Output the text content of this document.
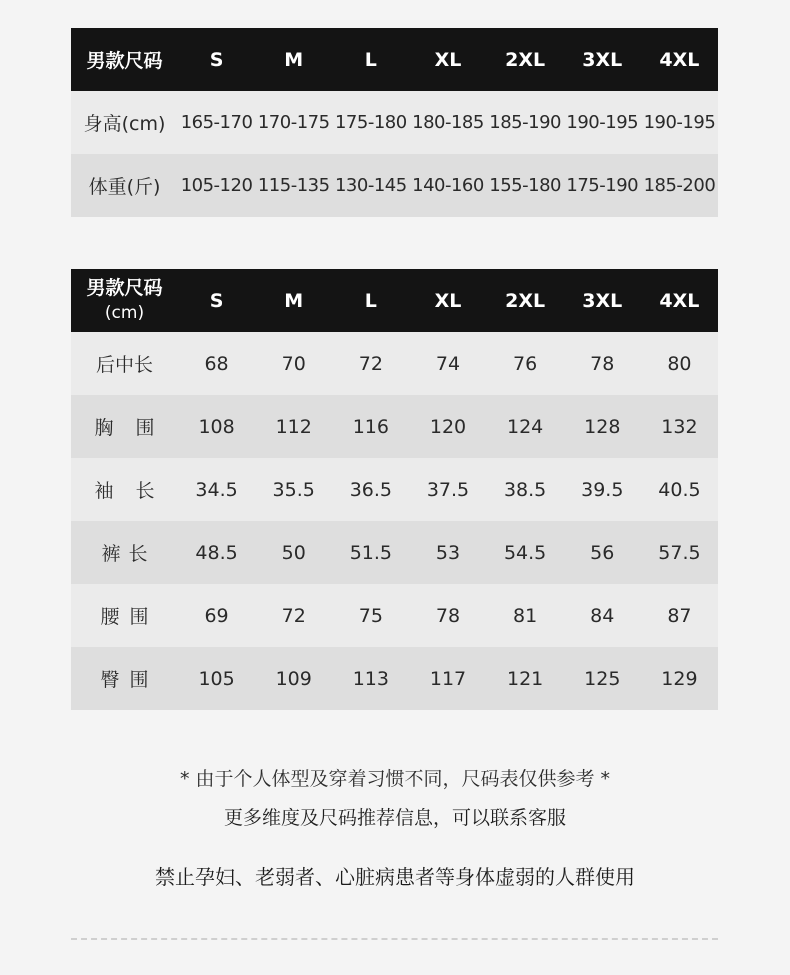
男款尺码	S	M	L	XL	2XL	3XL	4XL
身高(cm)	165-170	170-175	175-180	180-185	185-190	190-195	190-195
体重(斤)	105-120	115-135	130-145	140-160	155-180	175-190	185-200
男款尺码
(cm)	S	M	L	XL	2XL	3XL	4XL
后中长	68	70	72	74	76	78	80
胸围	108	112	116	120	124	128	132
袖长	34.5	35.5	36.5	37.5	38.5	39.5	40.5
裤长	48.5	50	51.5	53	54.5	56	57.5
腰围	69	72	75	78	81	84	87
臀围	105	109	113	117	121	125	129
* 由于个人体型及穿着习惯不同，尺码表仅供参考 *
更多维度及尺码推荐信息，可以联系客服
禁止孕妇、老弱者、心脏病患者等身体虚弱的人群使用
